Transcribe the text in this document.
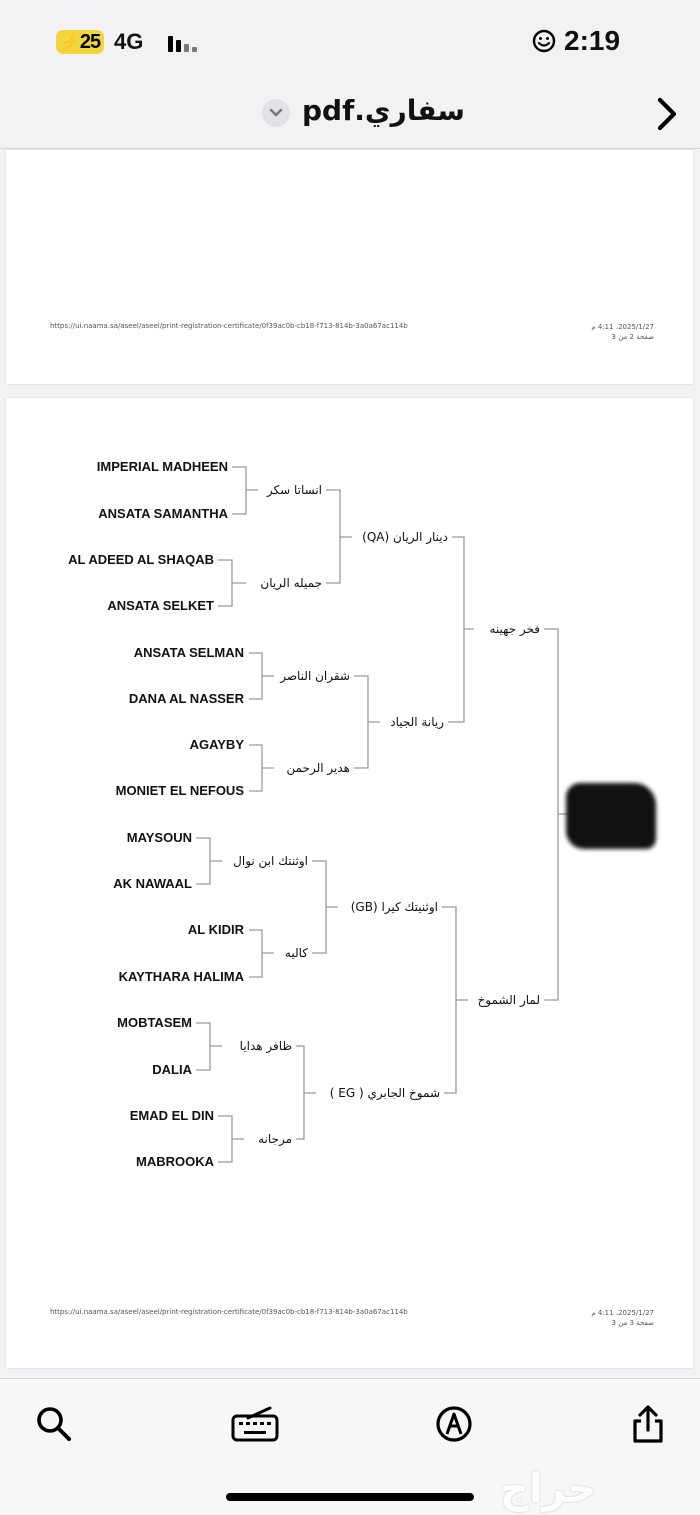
⚡ 25 4G	2:19
سفاري.pdf
https://ui.naama.sa/aseel/aseel/print-registration-certificate/0f39ac0b-cb18-f713-814b-3a0a67ac114b	2025/1/27، 4:11 م
صفحة 2 من 3
IMPERIAL MADHEEN
ANSATA SAMANTHA
AL ADEED AL SHAQAB
ANSATA SELKET
ANSATA SELMAN
DANA AL NASSER
AGAYBY
MONIET EL NEFOUS
MAYSOUN
AK NAWAAL
AL KIDIR
KAYTHARA HALIMA
MOBTASEM
DALIA
EMAD EL DIN
MABROOKA
انساتا سكر
جميله الريان
شقران الناصر
هدير الرحمن
اوثنتك ابن نوال
كاليه
ظافر هدايا
مرجانه
دينار الريان (QA)
ريانة الجياد
اوثنيتك كيرا (GB)
شموخ الجابري ( EG )
فخر جهينه
لمار الشموخ
https://ui.naama.sa/aseel/aseel/print-registration-certificate/0f39ac0b-cb18-f713-814b-3a0a67ac114b	2025/1/27، 4:11 م
صفحة 3 من 3
حراج
